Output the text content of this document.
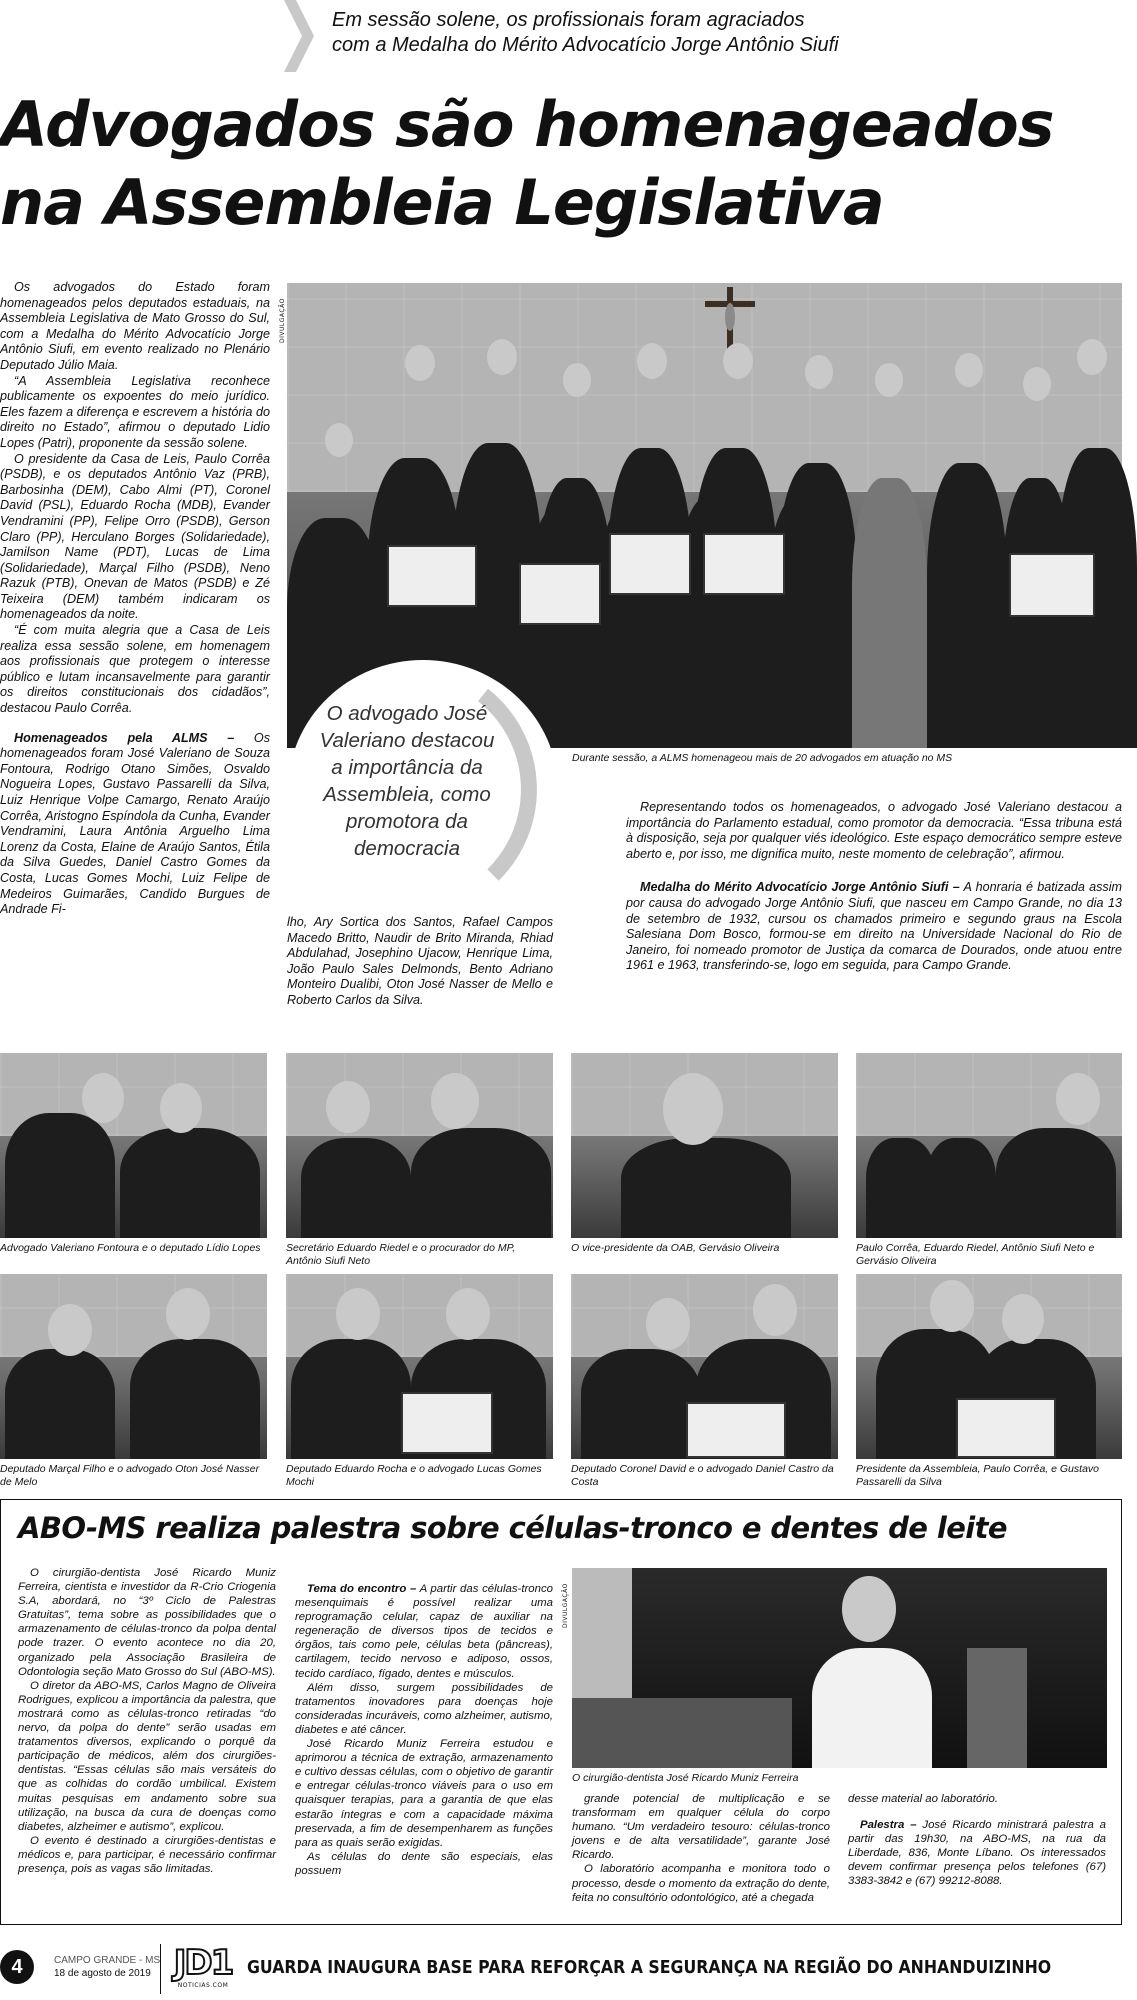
Em sessão solene, os profissionais foram agraciados
com a Medalha do Mérito Advocatício Jorge Antônio Siufi
Advogados são homenageados
na Assembleia Legislativa

Os advogados do Estado foram homenageados pelos deputados estaduais, na Assembleia Legislativa de Mato Grosso do Sul, com a Medalha do Mérito Advocatício Jorge Antônio Siufi, em evento realizado no Plenário Deputado Júlio Maia.

“A Assembleia Legislativa reconhece publicamente os expoentes do meio jurídico. Eles fazem a diferença e escrevem a história do direito no Estado”, afirmou o deputado Lidio Lopes (Patri), proponente da sessão solene.

O presidente da Casa de Leis, Paulo Corrêa (PSDB), e os deputados Antônio Vaz (PRB), Barbosinha (DEM), Cabo Almi (PT), Coronel David (PSL), Eduardo Rocha (MDB), Evander Vendramini (PP), Felipe Orro (PSDB), Gerson Claro (PP), Herculano Borges (Solidariedade), Jamilson Name (PDT), Lucas de Lima (Solidariedade), Marçal Filho (PSDB), Neno Razuk (PTB), Onevan de Matos (PSDB) e Zé Teixeira (DEM) também indicaram os homenageados da noite.

“É com muita alegria que a Casa de Leis realiza essa sessão solene, em homenagem aos profissionais que protegem o interesse público e lutam incansavelmente para garantir os direitos constitucionais dos cidadãos”, destacou Paulo Corrêa.

Homenageados pela ALMS – Os homenageados foram José Valeriano de Souza Fontoura, Rodrigo Otano Simões, Osvaldo Nogueira Lopes, Gustavo Passarelli da Silva, Luiz Henrique Volpe Camargo, Renato Araújo Corrêa, Aristogno Espíndola da Cunha, Evander Vendramini, Laura Antônia Arguelho Lima Lorenz da Costa, Elaine de Araújo Santos, Étila da Silva Guedes, Daniel Castro Gomes da Costa, Lucas Gomes Mochi, Luiz Felipe de Medeiros Guimarães, Candido Burgues de Andrade Fi-

DIVULGAÇÃO
O advogado José Valeriano destacou a importância da Assembleia, como promotora da democracia
Durante sessão, a ALMS homenageou mais de 20 advogados em atuação no MS
lho, Ary Sortica dos Santos, Rafael Campos Macedo Britto, Naudir de Brito Miranda, Rhiad Abdulahad, Josephino Ujacow, Henrique Lima, João Paulo Sales Delmonds, Bento Adriano Monteiro Dualibi, Oton José Nasser de Mello e Roberto Carlos da Silva.

Representando todos os homenageados, o advogado José Valeriano destacou a importância do Parlamento estadual, como promotor da democracia. “Essa tribuna está à disposição, seja por qualquer viés ideológico. Este espaço democrático sempre esteve aberto e, por isso, me dignifica muito, neste momento de celebração”, afirmou.

Medalha do Mérito Advocatício Jorge Antônio Siufi – A honraria é batizada assim por causa do advogado Jorge Antônio Siufi, que nasceu em Campo Grande, no dia 13 de setembro de 1932, cursou os chamados primeiro e segundo graus na Escola Salesiana Dom Bosco, formou-se em direito na Universidade Nacional do Rio de Janeiro, foi nomeado promotor de Justiça da comarca de Dourados, onde atuou entre 1961 e 1963, transferindo-se, logo em seguida, para Campo Grande.

Advogado Valeriano Fontoura e o deputado Lídio Lopes	Secretário Eduardo Riedel e o procurador do MP, Antônio Siufi Neto
O vice-presidente da OAB, Gervásio Oliveira	Paulo Corrêa, Eduardo Riedel, Antônio Siufi Neto e Gervásio Oliveira
Deputado Marçal Filho e o advogado Oton José Nasser de Melo
Deputado Eduardo Rocha e o advogado Lucas Gomes Mochi
Deputado Coronel David e o advogado Daniel Castro da Costa
Presidente da Assembleia, Paulo Corrêa, e Gustavo Passarelli da Silva
ABO-MS realiza palestra sobre células-tronco e dentes de leite

O cirurgião-dentista José Ricardo Muniz Ferreira, cientista e investidor da R-Crio Criogenia S.A, abordará, no “3º Ciclo de Palestras Gratuitas”, tema sobre as possibilidades que o armazenamento de células-tronco da polpa dental pode trazer. O evento acontece no dia 20, organizado pela Associação Brasileira de Odontologia seção Mato Grosso do Sul (ABO-MS).

O diretor da ABO-MS, Carlos Magno de Oliveira Rodrigues, explicou a importância da palestra, que mostrará como as células-tronco retiradas “do nervo, da polpa do dente” serão usadas em tratamentos diversos, explicando o porquê da participação de médicos, além dos cirurgiões-dentistas. “Essas células são mais versáteis do que as colhidas do cordão umbilical. Existem muitas pesquisas em andamento sobre sua utilização, na busca da cura de doenças como diabetes, alzheimer e autismo”, explicou.

O evento é destinado a cirurgiões-dentistas e médicos e, para participar, é necessário confirmar presença, pois as vagas são limitadas.

Tema do encontro – A partir das células-tronco mesenquimais é possível realizar uma reprogramação celular, capaz de auxiliar na regeneração de diversos tipos de tecidos e órgãos, tais como pele, células beta (pâncreas), cartilagem, tecido nervoso e adiposo, ossos, tecido cardíaco, fígado, dentes e músculos.

Além disso, surgem possibilidades de tratamentos inovadores para doenças hoje consideradas incuráveis, como alzheimer, autismo, diabetes e até câncer.

José Ricardo Muniz Ferreira estudou e aprimorou a técnica de extração, armazenamento e cultivo dessas células, com o objetivo de garantir e entregar células-tronco viáveis para o uso em quaisquer terapias, para a garantia de que elas estarão íntegras e com a capacidade máxima preservada, a fim de desempenharem as funções para as quais serão exigidas.

As células do dente são especiais, elas possuem

DIVULGAÇÃO
O cirurgião-dentista José Ricardo Muniz Ferreira

grande potencial de multiplicação e se transformam em qualquer célula do corpo humano. “Um verdadeiro tesouro: células-tronco jovens e de alta versatilidade”, garante José Ricardo.

O laboratório acompanha e monitora todo o processo, desde o momento da extração do dente, feita no consultório odontológico, até a chegada

desse material ao laboratório.

Palestra – José Ricardo ministrará palestra a partir das 19h30, na ABO-MS, na rua da Liberdade, 836, Monte Líbano. Os interessados devem confirmar presença pelos telefones (67) 3383-3842 e (67) 99212-8088.

4	CAMPO GRANDE - MS
18 de agosto de 2019 JD1
NOTICIAS.COM
GUARDA INAUGURA BASE PARA REFORÇAR A SEGURANÇA NA REGIÃO DO ANHANDUIZINHO
